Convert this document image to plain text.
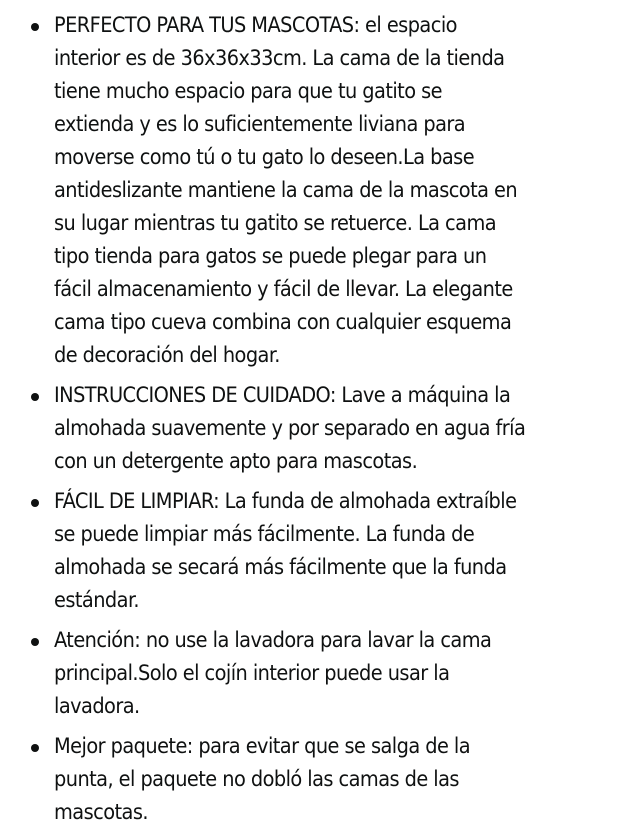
PERFECTO PARA TUS MASCOTAS: el espacio
interior es de 36x36x33cm. La cama de la tienda
tiene mucho espacio para que tu gatito se
extienda y es lo suficientemente liviana para
moverse como tú o tu gato lo deseen.La base
antideslizante mantiene la cama de la mascota en
su lugar mientras tu gatito se retuerce. La cama
tipo tienda para gatos se puede plegar para un
fácil almacenamiento y fácil de llevar. La elegante
cama tipo cueva combina con cualquier esquema
de decoración del hogar.
INSTRUCCIONES DE CUIDADO: Lave a máquina la
almohada suavemente y por separado en agua fría
con un detergente apto para mascotas.
FÁCIL DE LIMPIAR: La funda de almohada extraíble
se puede limpiar más fácilmente. La funda de
almohada se secará más fácilmente que la funda
estándar.
Atención: no use la lavadora para lavar la cama
principal.Solo el cojín interior puede usar la
lavadora.
Mejor paquete: para evitar que se salga de la
punta, el paquete no dobló las camas de las
mascotas.
